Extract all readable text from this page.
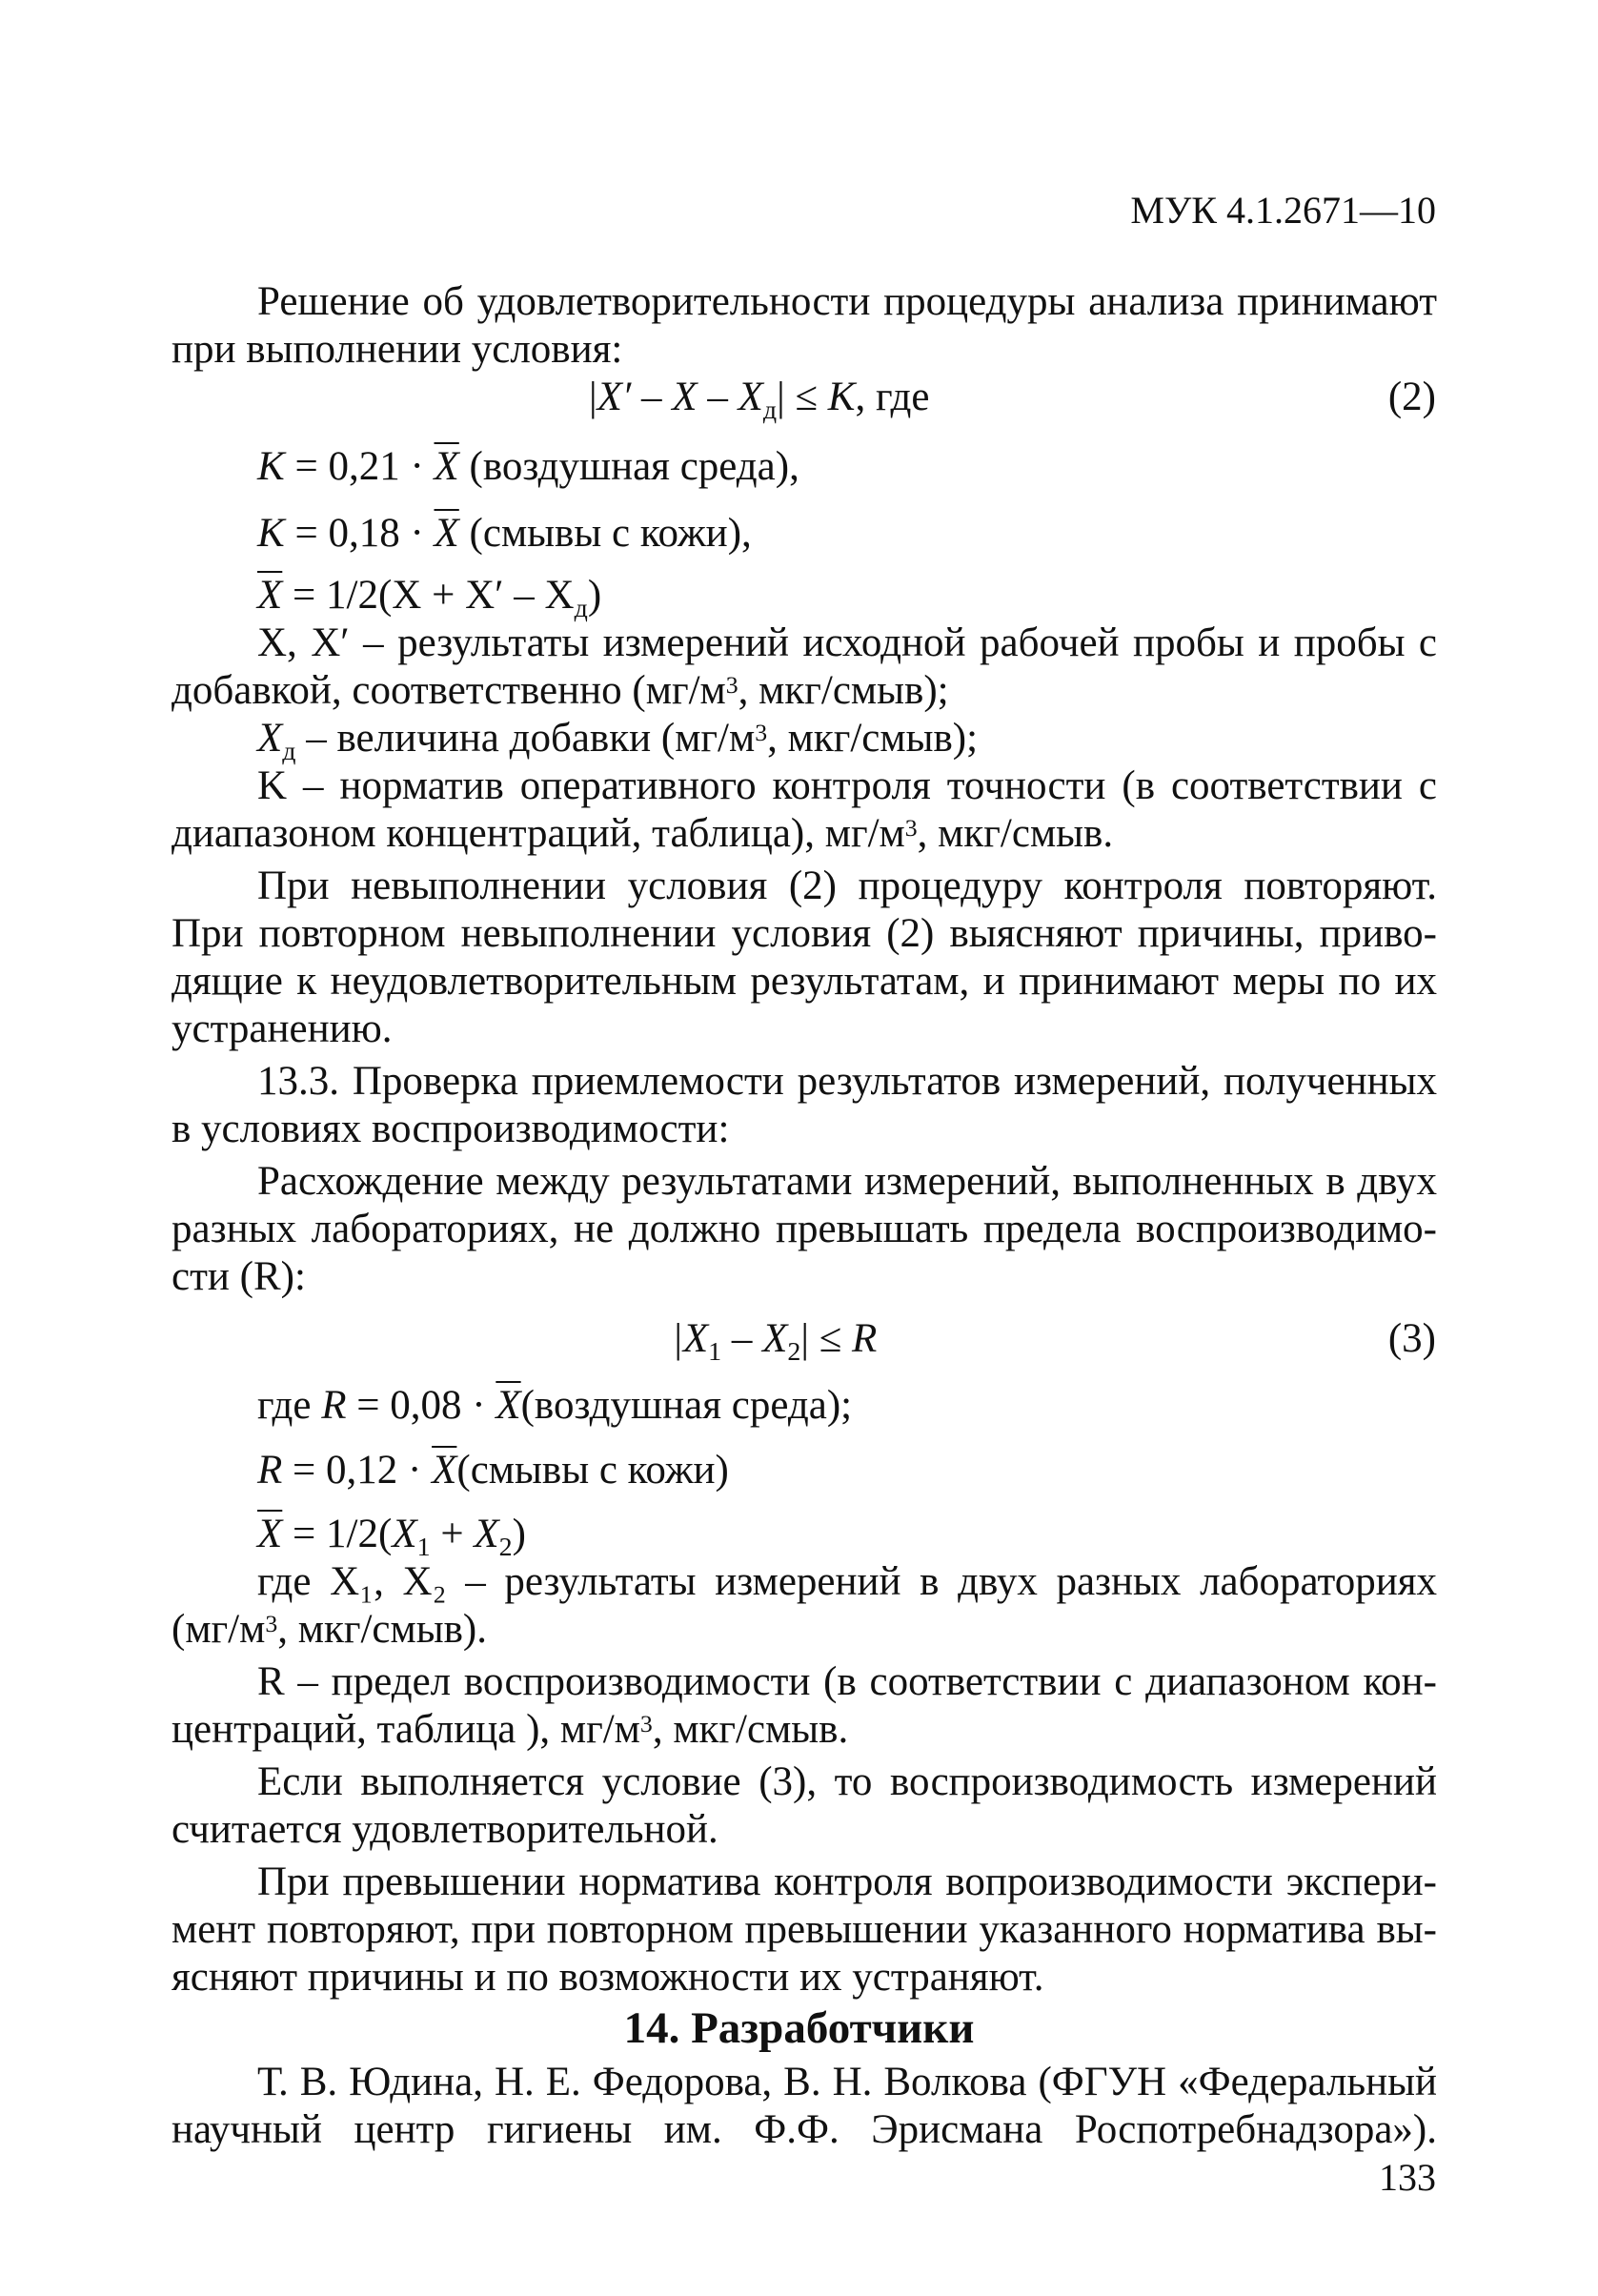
МУК 4.1.2671—10
Решение об удовлетворительности процедуры анализа принимают
при выполнении условия:
$|X' - X - X_д| \le K$, где	(2)
$K = 0,21 \cdot \overline{X}$ (воздушная среда),
$K = 0,18 \cdot \overline{X}$ (смывы с кожи),
$\overline{X} = 1/2(X + X' - X_д)$
X, X′ – результаты измерений исходной рабочей пробы и пробы с
добавкой, соответственно ($мг/м^3$, мкг/смыв);
$X_д$ – величина добавки ($мг/м^3$, мкг/смыв);
K – норматив оперативного контроля точности (в соответствии с
диапазоном концентраций, таблица), $мг/м^3$, мкг/смыв.
При невыполнении условия (2) процедуру контроля повторяют.
При повторном невыполнении условия (2) выясняют причины, приво-
дящие к неудовлетворительным результатам, и принимают меры по их
устранению.
13.3. Проверка приемлемости результатов измерений, полученных
в условиях воспроизводимости:
Расхождение между результатами измерений, выполненных в двух
разных лабораториях, не должно превышать предела воспроизводимо-
сти (R):
$|X_1 - X_2| \le R$	(3)
где $R = 0,08 \cdot \overline{X}(воздушная$ среда);
$R = 0,12 \cdot \overline{X}(смывы$ с кожи)
$\overline{X} = 1/2(X_1 + X_2)$
где X₁, X₂ – результаты измерений в двух разных лабораториях
($мг/м^3$, мкг/смыв).
R – предел воспроизводимости (в соответствии с диапазоном кон-
центраций, таблица ), $мг/м^3$, мкг/смыв.
Если выполняется условие (3), то воспроизводимость измерений
считается удовлетворительной.
При превышении норматива контроля вопроизводимости экспери-
мент повторяют, при повторном превышении указанного норматива вы-
ясняют причины и по возможности их устраняют.
14. Разработчики
Т. В. Юдина, Н. Е. Федорова, В. Н. Волкова (ФГУН «Федеральный
научный центр гигиены им. Ф.Ф. Эрисмана Роспотребнадзора»).
133
